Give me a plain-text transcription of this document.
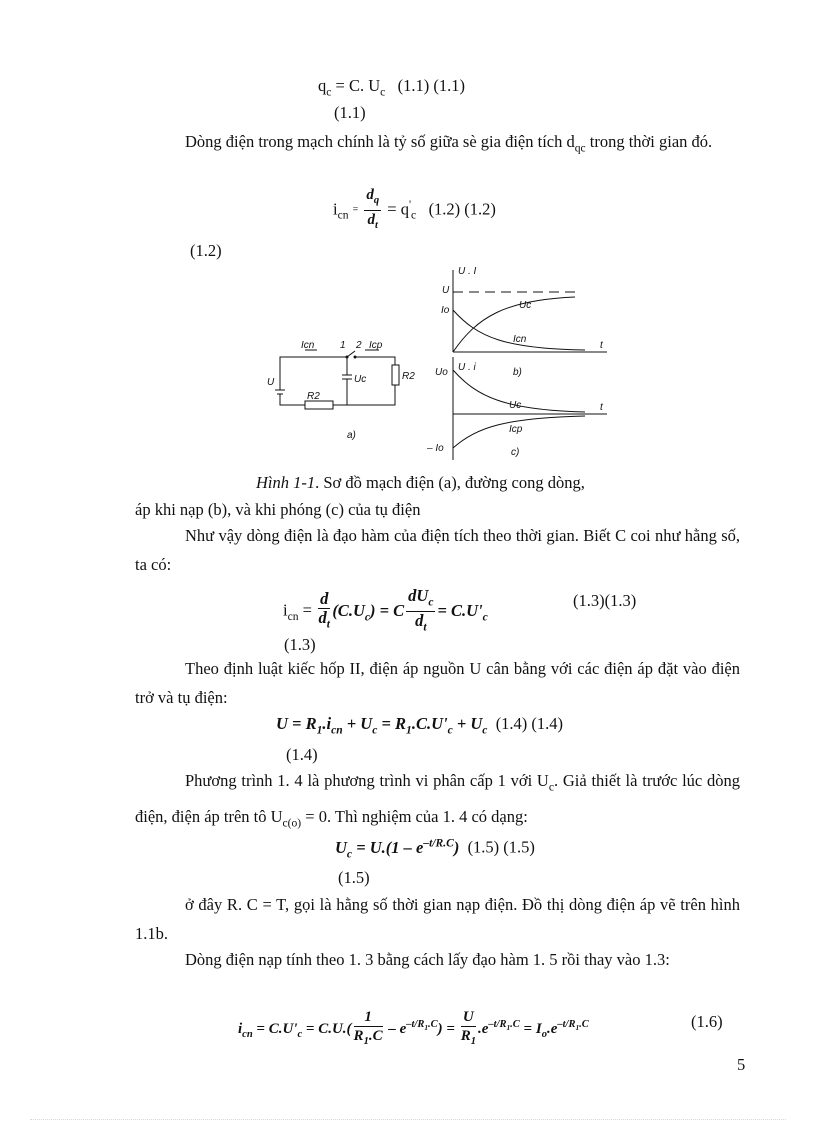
$q_c = C$. $U_c$ (1.1) (1.1)
(1.1)
Dòng điện trong mạch chính là tỷ số giữa sè gia điện tích $d_{qc}$ trong thời gian đó.
$i_{cn} = \frac{d_q}{d_t} = q'_c$ (1.2) (1.2)
(1.2)
Icn	1 2 Icp
U	Uc	R2
R2
a)
U . I
U
Io	Uc
Icn
t
Uo U . i	b)
Uc	t
Icp
– Io	c)
Hình 1-1. Sơ đồ mạch điện (a), đường cong dòng,
áp khi nạp (b), và khi phóng (c) của tụ điện
Như vậy dòng điện là đạo hàm của điện tích theo thời gian. Biết C coi như hằng số, ta có:
$i_{cn} = \frac{d}{d_t} (C.U_c) = C \frac{dU_c}{d_t} = C.U'_c$
(1.3)(1.3)
(1.3)
Theo định luật kiếc hốp II, điện áp nguồn U cân bằng với các điện áp đặt vào điện trở và tụ điện:
$U = R_1.i_{cn} + U_c = R_1.C.U'_c + U_c$ (1.4) (1.4)
(1.4)
Phương trình 1. 4 là phương trình vi phân cấp 1 với $U_c$. Giả thiết là trước lúc dòng điện, điện áp trên tô $U_{c(o)} = 0$. Thì nghiệm của 1. 4 có dạng:
$U_c = U.(1 - e^{-t/R.C})$ (1.5) (1.5)
(1.5)
ở đây R. C = T, gọi là hằng số thời gian nạp điện. Đồ thị dòng điện áp vẽ trên hình 1.1b.
Dòng điện nạp tính theo 1. 3 bằng cách lấy đạo hàm 1. 5 rồi thay vào 1.3:
$i_{cn} = C.U'_c = C.U.( \frac{1}{R_1.C} - e^{-t/R_1.C}) = \frac{U}{R_1} .e^{-t/R_1.C} = I_o.e^{-t/R_1.C}$	(1.6)
5
